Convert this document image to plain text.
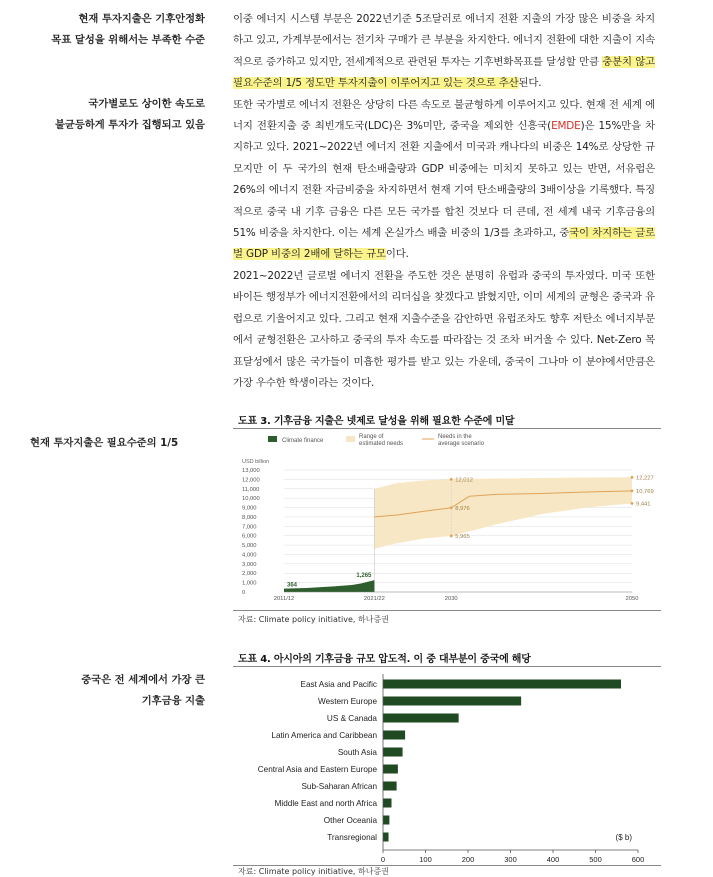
현재 투자지출은 기후안정화
목표 달성을 위해서는 부족한 수준
국가별로도 상이한 속도로
불균등하게 투자가 집행되고 있음
현재 투자지출은 필요수준의 1/5
중국은 전 세계에서 가장 큰
기후금융 지출

이중 에너지 시스템 부문은 2022년기준 5조달러로 에너지 전환 지출의 가장 많은 비중을 차지하고 있고, 가계부문에서는 전기차 구매가 큰 부분을 차지한다. 에너지 전환에 대한 지출이 지속적으로 증가하고 있지만, 전세계적으로 관련된 투자는 기후변화목표를 달성할 만큼 충분치 않고 필요수준의 1/5 정도만 투자지출이 이루어지고 있는 것으로 추산된다.

또한 국가별로 에너지 전환은 상당히 다른 속도로 불균형하게 이루어지고 있다. 현재 전 세계 에너지 전환지출 중 최빈개도국(LDC)은 3%미만, 중국을 제외한 신흥국(EMDE)은 15%만을 차지하고 있다. 2021~2022년 에너지 전환 지출에서 미국과 캐나다의 비중은 14%로 상당한 규모지만 이 두 국가의 현재 탄소배출량과 GDP 비중에는 미치지 못하고 있는 반면, 서유럽은 26%의 에너지 전환 자금비중을 차지하면서 현재 기여 탄소배출량의 3배이상을 기록했다. 특징적으로 중국 내 기후 금융은 다른 모든 국가를 합친 것보다 더 큰데, 전 세계 내국 기후금융의 51% 비중을 차지한다. 이는 세계 온실가스 배출 비중의 1/3를 초과하고, 중국이 차지하는 글로벌 GDP 비중의 2배에 달하는 규모이다.

2021~2022년 글로벌 에너지 전환을 주도한 것은 분명히 유럽과 중국의 투자였다. 미국 또한 바이든 행정부가 에너지전환에서의 리더십을 찾겠다고 밝혔지만, 이미 세계의 균형은 중국과 유럽으로 기울어지고 있다. 그리고 현재 지출수준을 감안하면 유럽조차도 향후 저탄소 에너지부문에서 균형전환은 고사하고 중국의 투자 속도를 따라잡는 것 조차 버거울 수 있다. Net-Zero 목표달성에서 많은 국가들이 미흡한 평가를 받고 있는 가운데, 중국이 그나마 이 분야에서만큼은 가장 우수한 학생이라는 것이다.

도표 3. 기후금융 지출은 넷제로 달성을 위해 필요한 수준에 미달
Climate finance
Range of estimated needs
Needs in the average scenario
USD billion
0
1,000
2,000
3,000
4,000
5,000
6,000
7,000
8,000
9,000
10,000
11,000
12,000
13,000
12,012
8,976
5,965
12,227
10,769
9,441
364
1,265
2011/12	2021/22	2030	2050
자료: Climate policy initiative, 하나증권
도표 4. 아시아의 기후금융 규모 압도적. 이 중 대부분이 중국에 해당
East Asia and Pacific
Western Europe
US & Canada
Latin America and Caribbean
South Asia
Central Asia and Eastern Europe
Sub-Saharan African
Middle East and north Africa
Other Oceania
Transregional
0	100	200	300	400	500	600
($ b)
자료: Climate policy initiative, 하나증권
